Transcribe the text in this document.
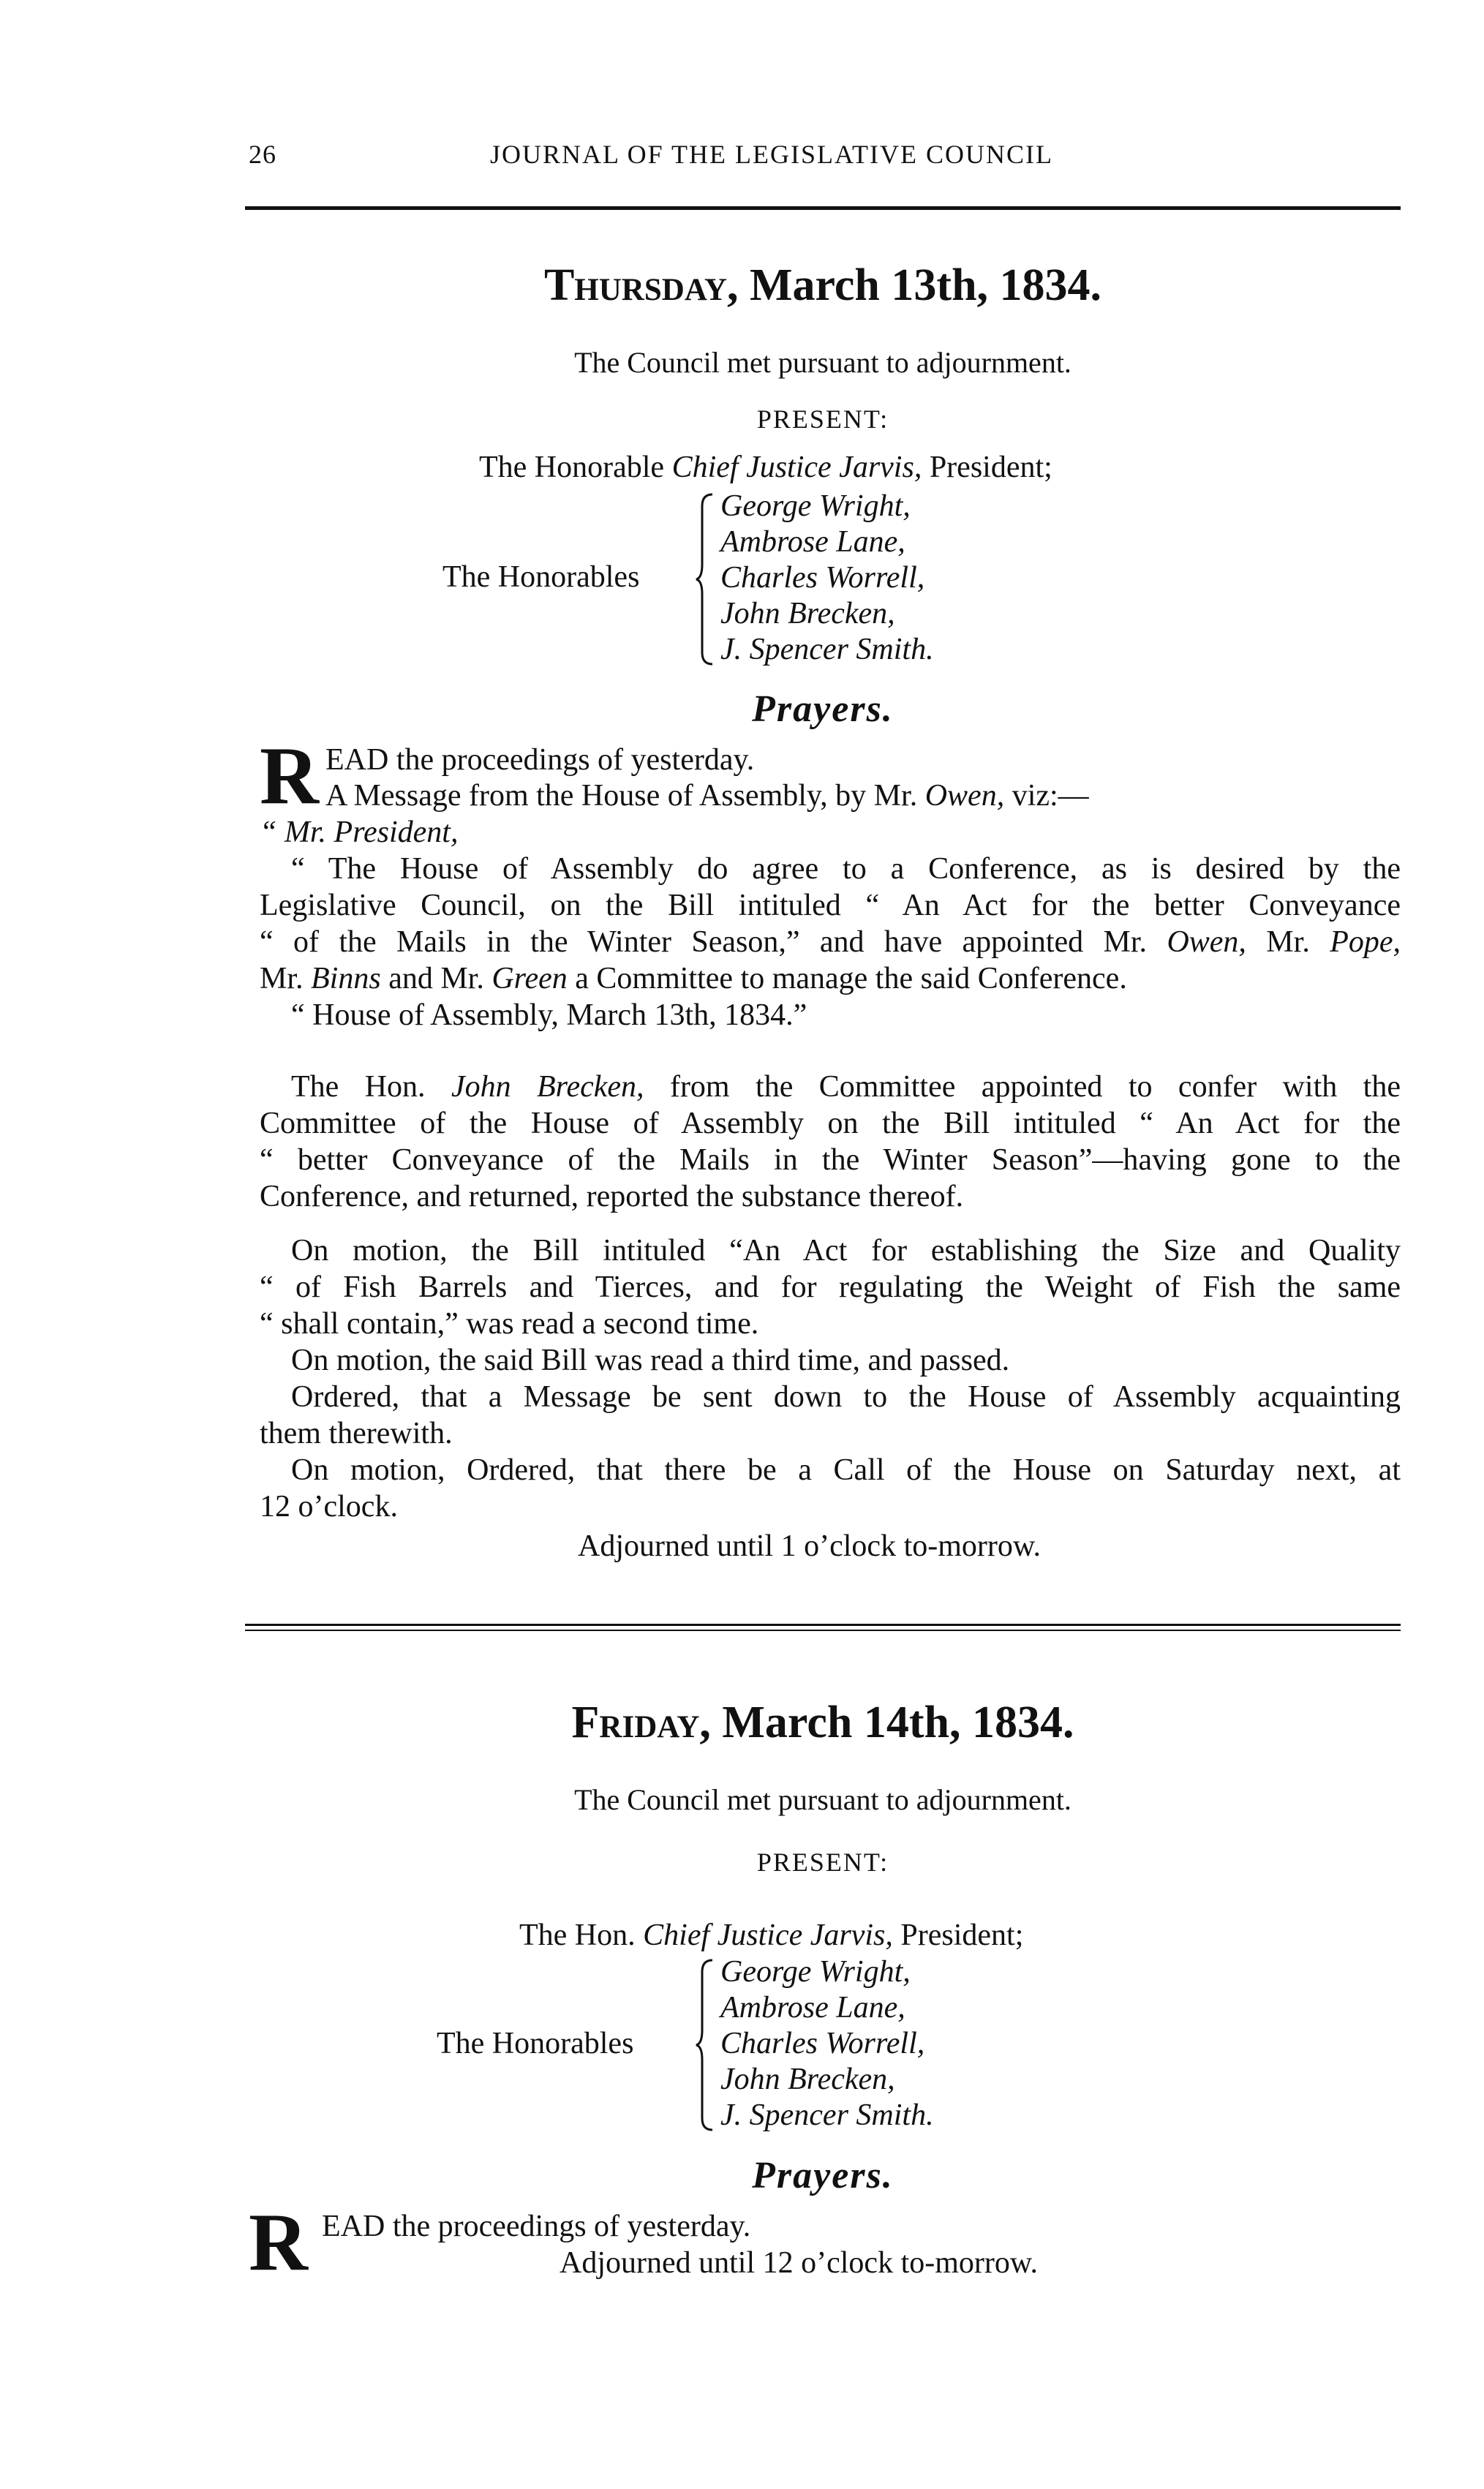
26	JOURNAL OF THE LEGISLATIVE COUNCIL
Thursday, March 13th, 1834.
The Council met pursuant to adjournment.
PRESENT:
The Honorable Chief Justice Jarvis, President;
The Honorables
George Wright,
Ambrose Lane,
Charles Worrell,
John Brecken,
J. Spencer Smith.
Prayers.
R EAD the proceedings of yesterday.
A Message from the House of Assembly, by Mr. Owen, viz:—
“ Mr. President,
“ The House of Assembly do agree to a Conference, as is desired by the
Legislative Council, on the Bill intituled “ An Act for the better Conveyance
“ of the Mails in the Winter Season,” and have appointed Mr. Owen, Mr. Pope,
Mr. Binns and Mr. Green a Committee to manage the said Conference.
“ House of Assembly, March 13th, 1834.”
The Hon. John Brecken, from the Committee appointed to confer with the
Committee of the House of Assembly on the Bill intituled “ An Act for the
“ better Conveyance of the Mails in the Winter Season”—having gone to the
Conference, and returned, reported the substance thereof.
On motion, the Bill intituled “An Act for establishing the Size and Quality
“ of Fish Barrels and Tierces, and for regulating the Weight of Fish the same
“ shall contain,” was read a second time.
On motion, the said Bill was read a third time, and passed.
Ordered, that a Message be sent down to the House of Assembly acquainting
them therewith.
On motion, Ordered, that there be a Call of the House on Saturday next, at
12 o’clock.
Adjourned until 1 o’clock to-morrow.
Friday, March 14th, 1834.
The Council met pursuant to adjournment.
PRESENT:
The Hon. Chief Justice Jarvis, President;
The Honorables
George Wright,
Ambrose Lane,
Charles Worrell,
John Brecken,
J. Spencer Smith.
Prayers.
R EAD the proceedings of yesterday.
Adjourned until 12 o’clock to-morrow.
